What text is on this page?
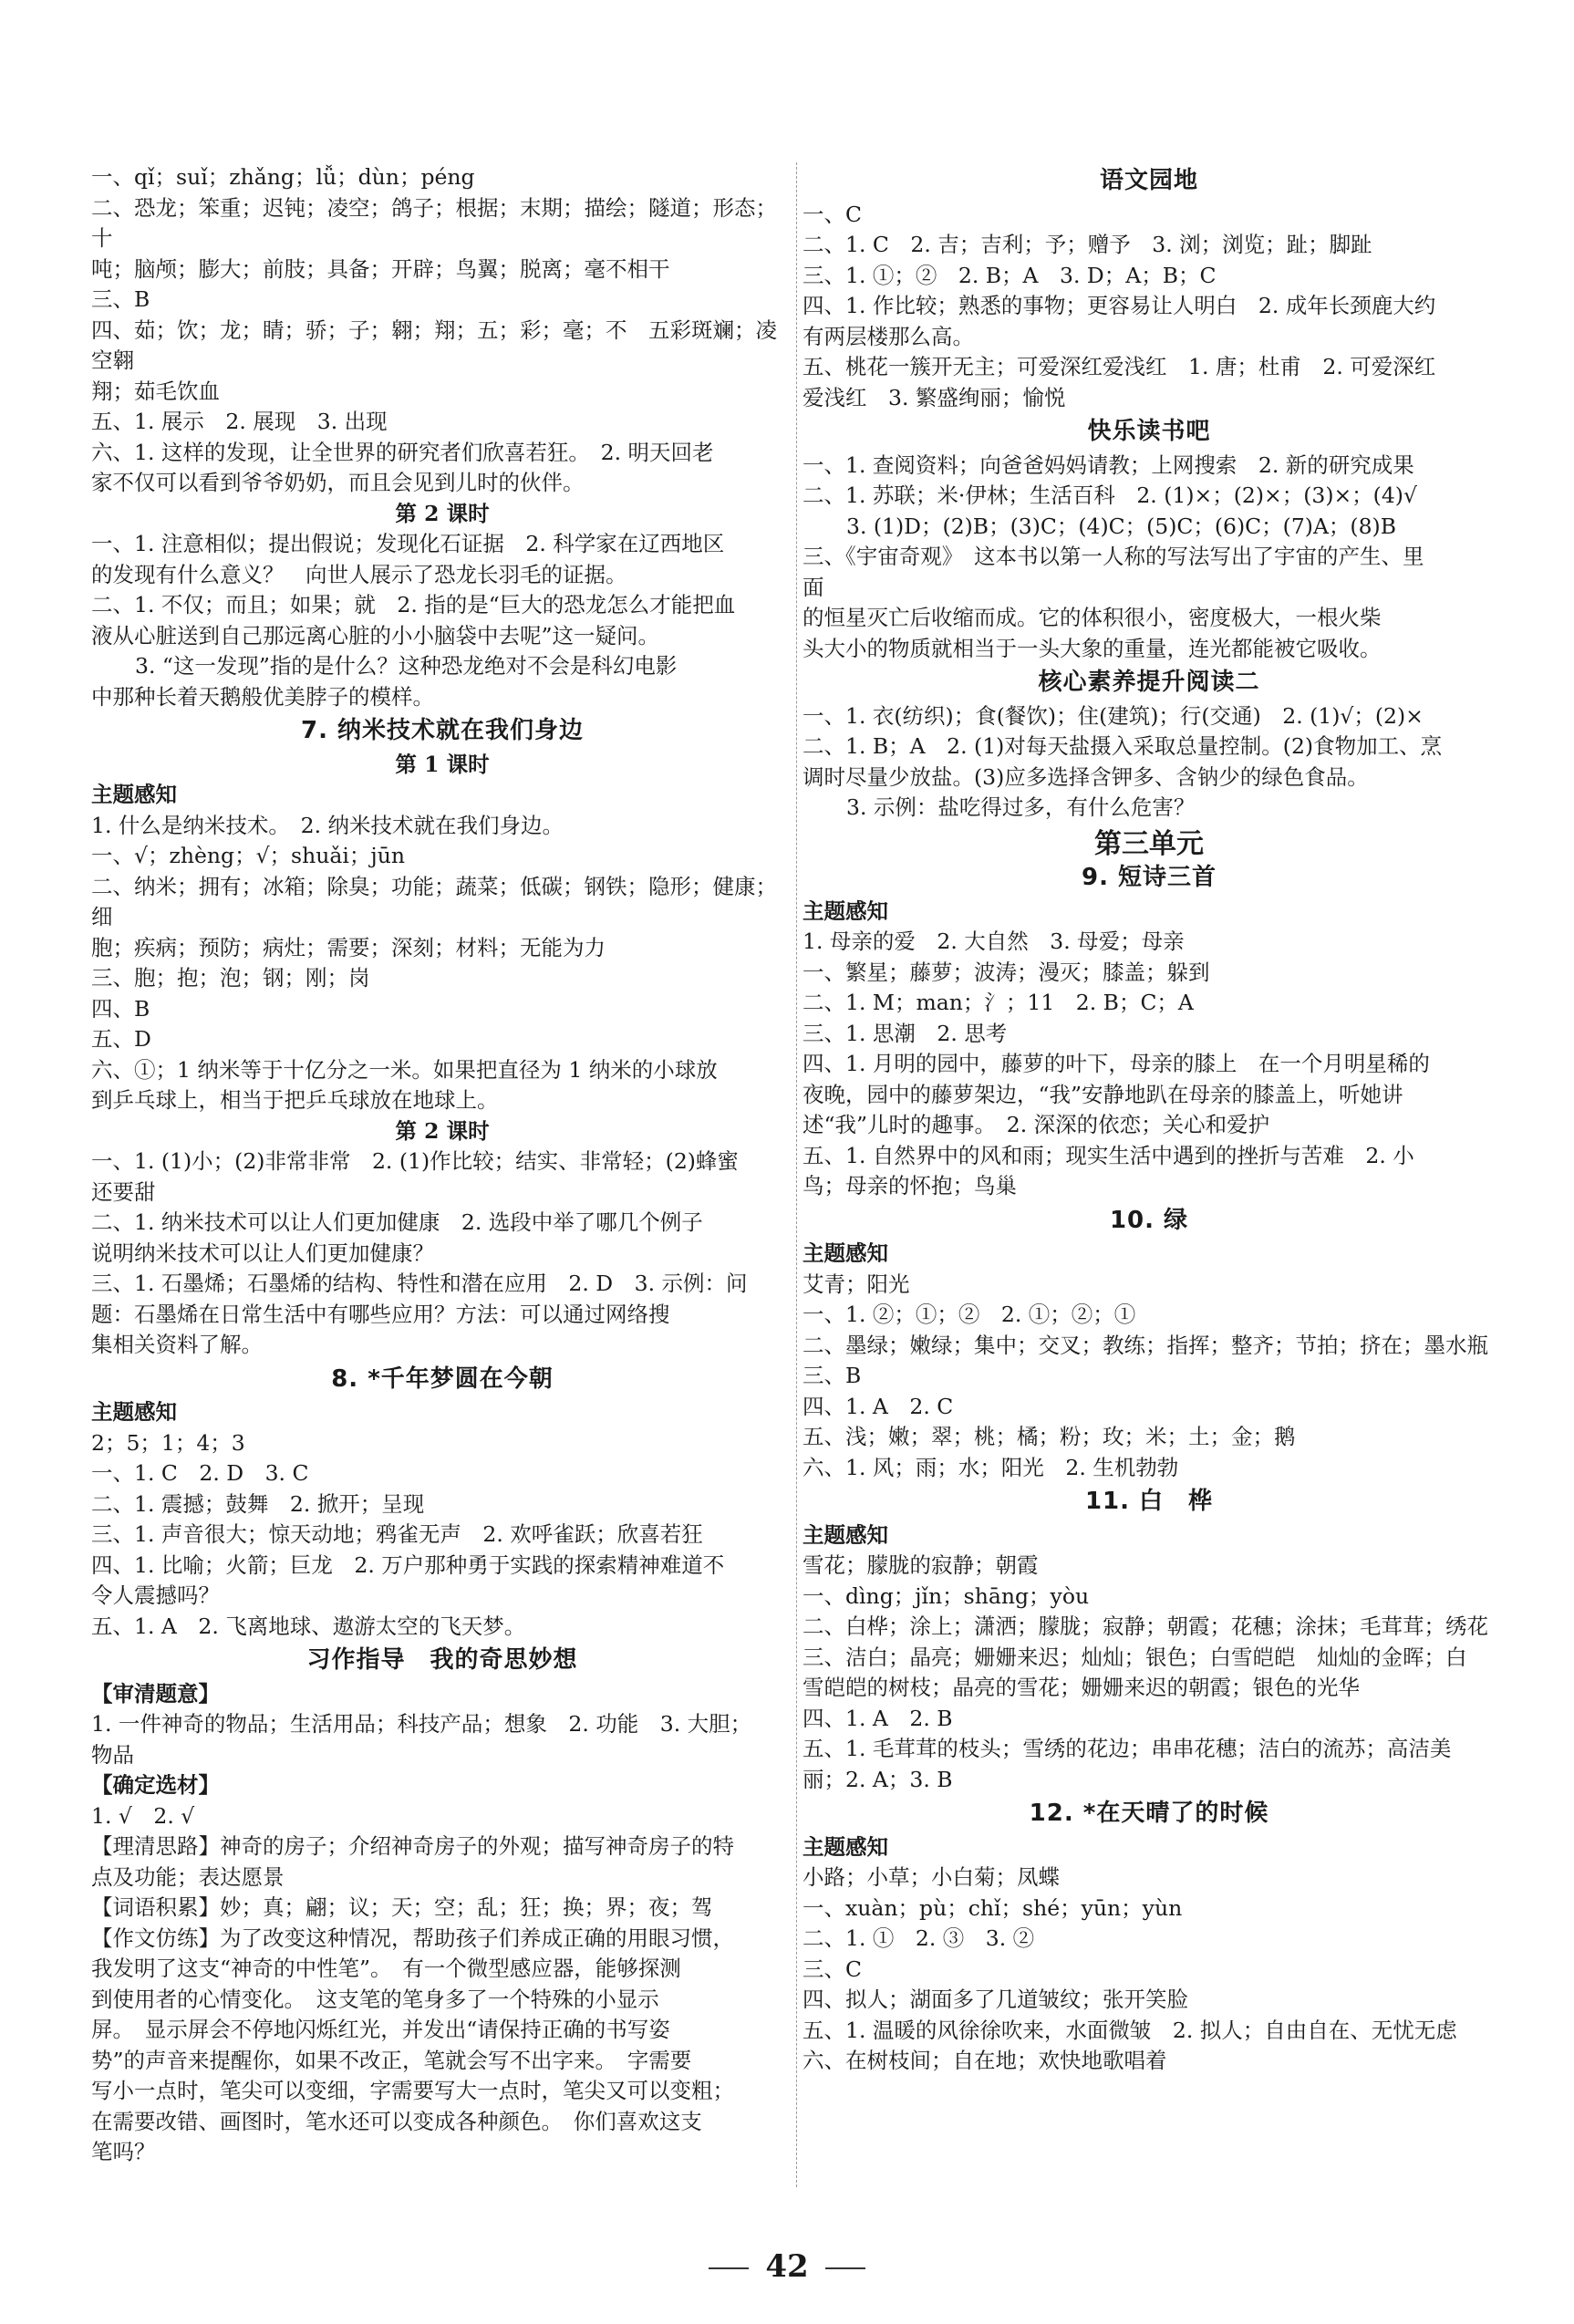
一、qǐ；suǐ；zhǎng；lǚ；dùn；péng
二、恐龙；笨重；迟钝；凌空；鸽子；根据；末期；描绘；隧道；形态；十
吨；脑颅；膨大；前肢；具备；开辟；鸟翼；脱离；毫不相干
三、B
四、茹；饮；龙；睛；骄；子；翱；翔；五；彩；毫；不　五彩斑斓；凌空翱
翔；茹毛饮血
五、1. 展示　2. 展现　3. 出现
六、1. 这样的发现，让全世界的研究者们欣喜若狂。　2. 明天回老
家不仅可以看到爷爷奶奶，而且会见到儿时的伙伴。
第 2 课时
一、1. 注意相似；提出假说；发现化石证据　2. 科学家在辽西地区
的发现有什么意义？　向世人展示了恐龙长羽毛的证据。
二、1. 不仅；而且；如果；就　2. 指的是“巨大的恐龙怎么才能把血
液从心脏送到自己那远离心脏的小小脑袋中去呢”这一疑问。
3. “这一发现”指的是什么？这种恐龙绝对不会是科幻电影
中那种长着天鹅般优美脖子的模样。
7. 纳米技术就在我们身边
第 1 课时
主题感知
1. 什么是纳米技术。　2. 纳米技术就在我们身边。
一、√；zhèng；√；shuǎi；jūn
二、纳米；拥有；冰箱；除臭；功能；蔬菜；低碳；钢铁；隐形；健康；细
胞；疾病；预防；病灶；需要；深刻；材料；无能为力
三、胞；抱；泡；钢；刚；岗
四、B
五、D
六、①；1 纳米等于十亿分之一米。如果把直径为 1 纳米的小球放
到乒乓球上，相当于把乒乓球放在地球上。
第 2 课时
一、1. (1)小；(2)非常非常　2. (1)作比较；结实、非常轻；(2)蜂蜜
还要甜
二、1. 纳米技术可以让人们更加健康　2. 选段中举了哪几个例子
说明纳米技术可以让人们更加健康？
三、1. 石墨烯；石墨烯的结构、特性和潜在应用　2. D　3. 示例：问
题：石墨烯在日常生活中有哪些应用？方法：可以通过网络搜
集相关资料了解。
8. *千年梦圆在今朝
主题感知
2；5；1；4；3
一、1. C　2. D　3. C
二、1. 震撼；鼓舞　2. 掀开；呈现
三、1. 声音很大；惊天动地；鸦雀无声　2. 欢呼雀跃；欣喜若狂
四、1. 比喻；火箭；巨龙　2. 万户那种勇于实践的探索精神难道不
令人震撼吗？
五、1. A　2. 飞离地球、遨游太空的飞天梦。
习作指导　我的奇思妙想
【审清题意】
1. 一件神奇的物品；生活用品；科技产品；想象　2. 功能　3. 大胆；
物品
【确定选材】
1. √　2. √
【理清思路】神奇的房子；介绍神奇房子的外观；描写神奇房子的特
点及功能；表达愿景
【词语积累】妙；真；翩；议；天；空；乱；狂；换；界；夜；驾
【作文仿练】为了改变这种情况，帮助孩子们养成正确的用眼习惯，
我发明了这支“神奇的中性笔”。　有一个微型感应器，能够探测
到使用者的心情变化。　这支笔的笔身多了一个特殊的小显示
屏。　显示屏会不停地闪烁红光，并发出“请保持正确的书写姿
势”的声音来提醒你，如果不改正，笔就会写不出字来。　字需要
写小一点时，笔尖可以变细，字需要写大一点时，笔尖又可以变粗；
在需要改错、画图时，笔水还可以变成各种颜色。　你们喜欢这支
笔吗？
语文园地
一、C
二、1. C　2. 吉；吉利；予；赠予　3. 浏；浏览；趾；脚趾
三、1. ①；②　2. B；A　3. D；A；B；C
四、1. 作比较；熟悉的事物；更容易让人明白　2. 成年长颈鹿大约
有两层楼那么高。
五、桃花一簇开无主；可爱深红爱浅红　1. 唐；杜甫　2. 可爱深红
爱浅红　3. 繁盛绚丽；愉悦
快乐读书吧
一、1. 查阅资料；向爸爸妈妈请教；上网搜索　2. 新的研究成果
二、1. 苏联；米·伊林；生活百科　2. (1)×；(2)×；(3)×；(4)√
3. (1)D；(2)B；(3)C；(4)C；(5)C；(6)C；(7)A；(8)B
三、《宇宙奇观》　这本书以第一人称的写法写出了宇宙的产生、里
面
的恒星灭亡后收缩而成。它的体积很小，密度极大，一根火柴
头大小的物质就相当于一头大象的重量，连光都能被它吸收。
核心素养提升阅读二
一、1. 衣(纺织)；食(餐饮)；住(建筑)；行(交通)　2. (1)√；(2)×
二、1. B；A　2. (1)对每天盐摄入采取总量控制。(2)食物加工、烹
调时尽量少放盐。(3)应多选择含钾多、含钠少的绿色食品。
3. 示例：盐吃得过多，有什么危害？
第三单元
9. 短诗三首
主题感知
1. 母亲的爱　2. 大自然　3. 母爱；母亲
一、繁星；藤萝；波涛；漫灭；膝盖；躲到
二、1. M；man；氵；11　2. B；C；A
三、1. 思潮　2. 思考
四、1. 月明的园中，藤萝的叶下，母亲的膝上　在一个月明星稀的
夜晚，园中的藤萝架边，“我”安静地趴在母亲的膝盖上，听她讲
述“我”儿时的趣事。　2. 深深的依恋；关心和爱护
五、1. 自然界中的风和雨；现实生活中遇到的挫折与苦难　2. 小
鸟；母亲的怀抱；鸟巢
10. 绿
主题感知
艾青；阳光
一、1. ②；①；②　2. ①；②；①
二、墨绿；嫩绿；集中；交叉；教练；指挥；整齐；节拍；挤在；墨水瓶
三、B
四、1. A　2. C
五、浅；嫩；翠；桃；橘；粉；玫；米；土；金；鹅
六、1. 风；雨；水；阳光　2. 生机勃勃
11. 白　桦
主题感知
雪花；朦胧的寂静；朝霞
一、dìng；jǐn；shāng；yòu
二、白桦；涂上；潇洒；朦胧；寂静；朝霞；花穗；涂抹；毛茸茸；绣花
三、洁白；晶亮；姗姗来迟；灿灿；银色；白雪皑皑　灿灿的金晖；白
雪皑皑的树枝；晶亮的雪花；姗姗来迟的朝霞；银色的光华
四、1. A　2. B
五、1. 毛茸茸的枝头；雪绣的花边；串串花穗；洁白的流苏；高洁美
丽；2. A；3. B
12. *在天晴了的时候
主题感知
小路；小草；小白菊；凤蝶
一、xuàn；pù；chǐ；shé；yūn；yùn
二、1. ①　2. ③　3. ②
三、C
四、拟人；湖面多了几道皱纹；张开笑脸
五、1. 温暖的风徐徐吹来，水面微皱　2. 拟人；自由自在、无忧无虑
六、在树枝间；自在地；欢快地歌唱着
42
